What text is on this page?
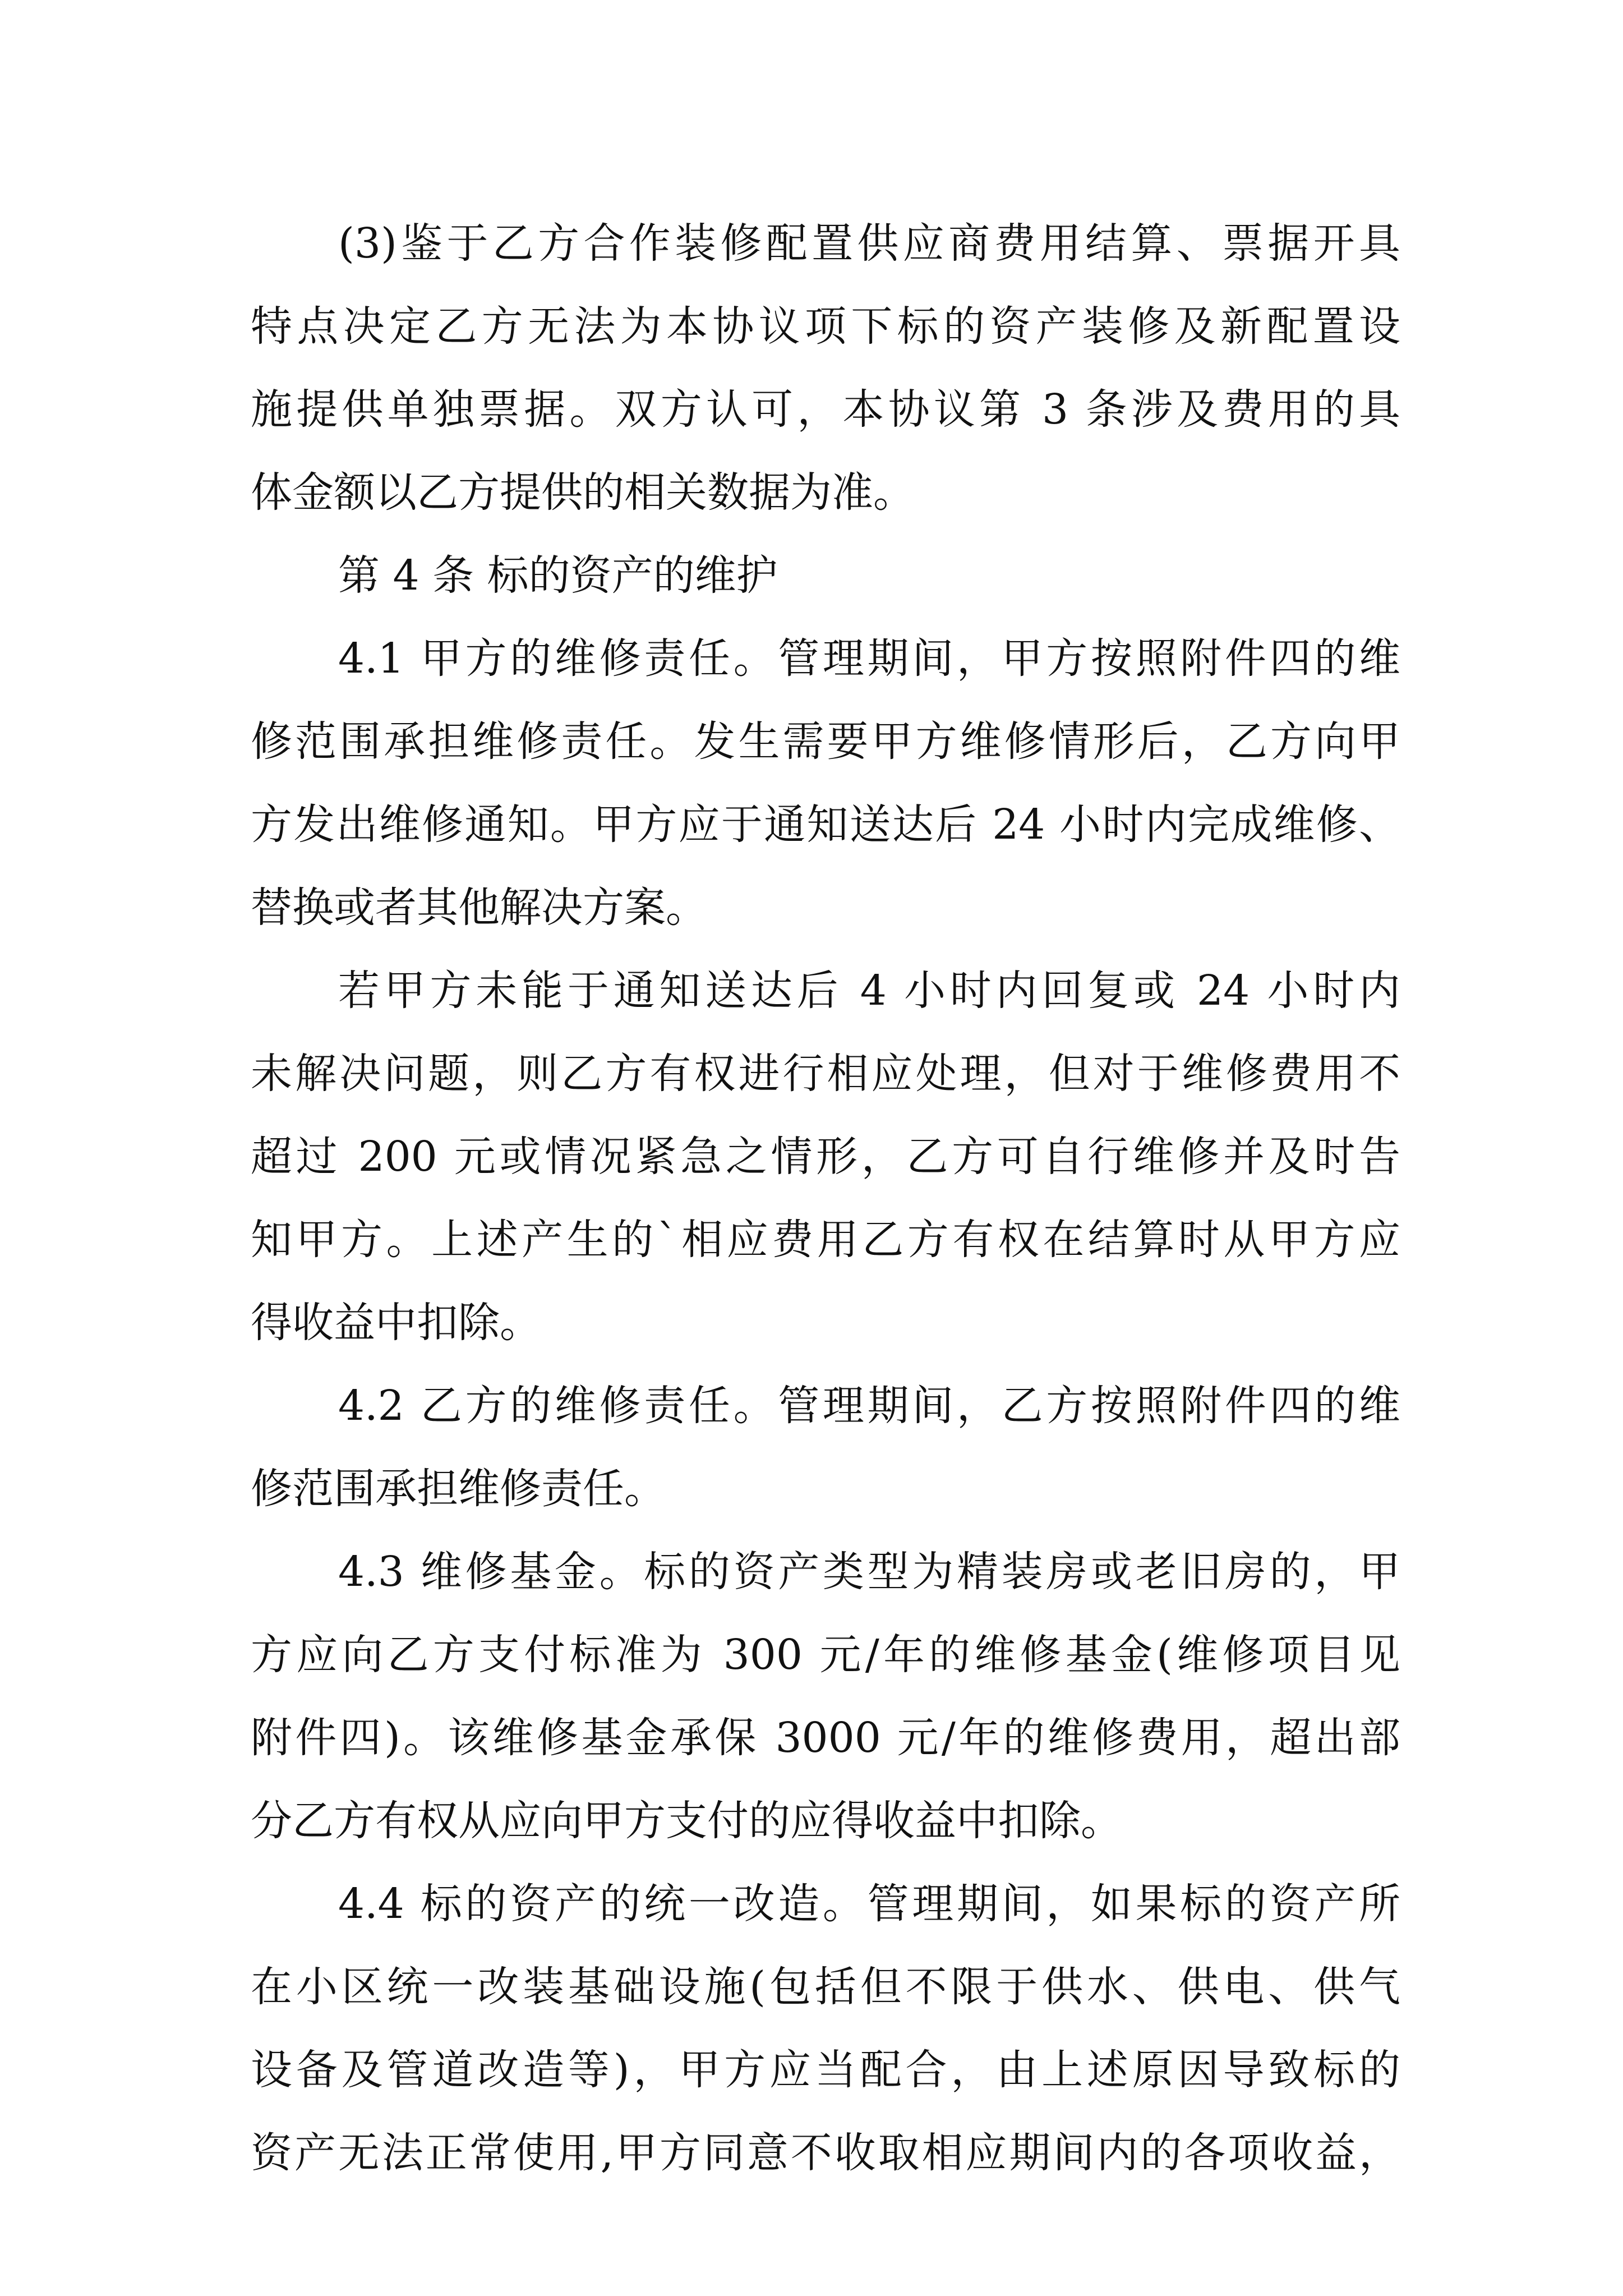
(3)鉴于乙方合作装修配置供应商费用结算、票据开具
特点决定乙方无法为本协议项下标的资产装修及新配置设
施提供单独票据。双方认可，本协议第 3 条涉及费用的具
体金额以乙方提供的相关数据为准。
第 4 条 标的资产的维护
4.1 甲方的维修责任。管理期间，甲方按照附件四的维
修范围承担维修责任。发生需要甲方维修情形后，乙方向甲
方发出维修通知。甲方应于通知送达后 24 小时内完成维修、
替换或者其他解决方案。
若甲方未能于通知送达后 4 小时内回复或 24 小时内
未解决问题，则乙方有权进行相应处理，但对于维修费用不
超过 200 元或情况紧急之情形，乙方可自行维修并及时告
知甲方。上述产生的`相应费用乙方有权在结算时从甲方应
得收益中扣除。
4.2 乙方的维修责任。管理期间，乙方按照附件四的维
修范围承担维修责任。
4.3 维修基金。标的资产类型为精装房或老旧房的，甲
方应向乙方支付标准为 300 元/年的维修基金(维修项目见
附件四)。该维修基金承保 3000 元/年的维修费用，超出部
分乙方有权从应向甲方支付的应得收益中扣除。
4.4 标的资产的统一改造。管理期间，如果标的资产所
在小区统一改装基础设施(包括但不限于供水、供电、供气
设备及管道改造等)，甲方应当配合，由上述原因导致标的
资产无法正常使用,甲方同意不收取相应期间内的各项收益，
